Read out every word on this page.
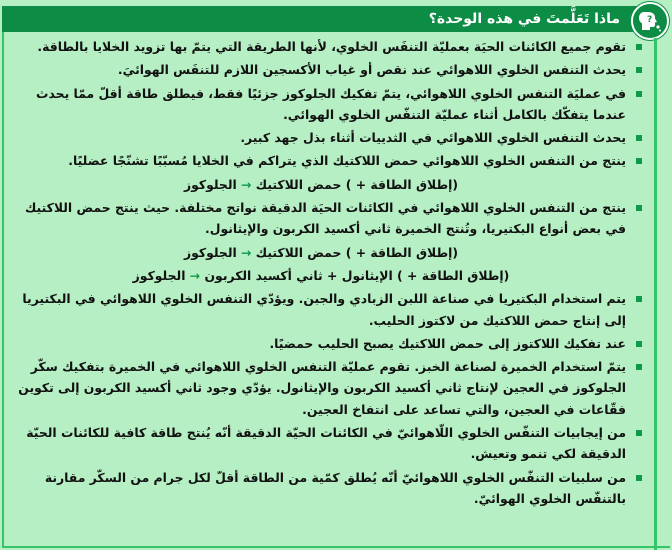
ماذا تَعَلَّمتَ في هذه الوحدة؟	?
تقوم جميع الكائنات الحيَة بعمليّة التنفَس الخلوي، لأنها الطريقة التي يتمّ بها تزويد الخلايا بالطاقة.
يحدث التنفس الخلوي اللاهوائي عند نقص أو غياب الأكسجين اللازم للتنفَس الهوائيَ.
في عمليَة التنفس الخلوي اللاهوائي، يتمّ تفكيك الجلوكوز جزئيًا فقط، فيطلق طاقة أقلّ ممّا يحدث عندما يتفكّك بالكامل أثناء عمليّة التنفّس الخلوي الهوائي.
يحدث التنفس الخلوي اللاهوائي في الثدييات أثناء بذل جهد كبير.
ينتج من التنفس الخلوي اللاهوائي حمض اللاكتيك الذي يتراكم في الخلايا مُسبّبًا تشنّجًا عضليًا.
(إطلاق الطاقة + ) حمض اللاكتيك → الجلوكوز
ينتج من التنفس الخلوي اللاهوائي في الكائنات الحيَة الدقيقة نواتج مختلفة. حيث ينتج حمض اللاكتيك في بعض أنواع البكتيريا، وتُنتج الخميرة ثاني أكسيد الكربون والإيثانول.
(إطلاق الطاقة + ) حمض اللاكتيك → الجلوكوز
(إطلاق الطاقة + ) الإيثانول + ثاني أكسيد الكربون → الجلوكوز
يتم استخدام البكتيريا في صناعة اللبن الزبادي والجبن. ويؤدّي التنفس الخلوي اللاهوائي في البكتيريا إلى إنتاج حمض اللاكتيك من لاكتوز الحليب.
عند تفكيك اللاكتوز إلى حمض اللاكتيك يصبح الحليب حمضيًا.
يتمّ استخدام الخميرة لصناعة الخبز. تقوم عمليّة التنفس الخلوي اللاهوائي في الخميرة بتفكيك سكّر الجلوكوز في العجين لإنتاج ثاني أكسيد الكربون والإيثانول. يؤدّي وجود ثاني أكسيد الكربون إلى تكوين فقّاعات في العجين، والتي تساعد على انتفاخ العجين.
من إيجابيات التنفّس الخلوي اللّاهوائيّ في الكائنات الحيّة الدقيقة أنّه يُنتج طاقة كافية للكائنات الحيّة الدقيقة لكي تنمو وتعيش.
من سلبيات التنفّس الخلوي اللاهوائيّ أنّه يُطلق كمّية من الطاقة أقلّ لكل جرام من السكّر مقارنة بالتنفّس الخلوي الهوائيّ.
